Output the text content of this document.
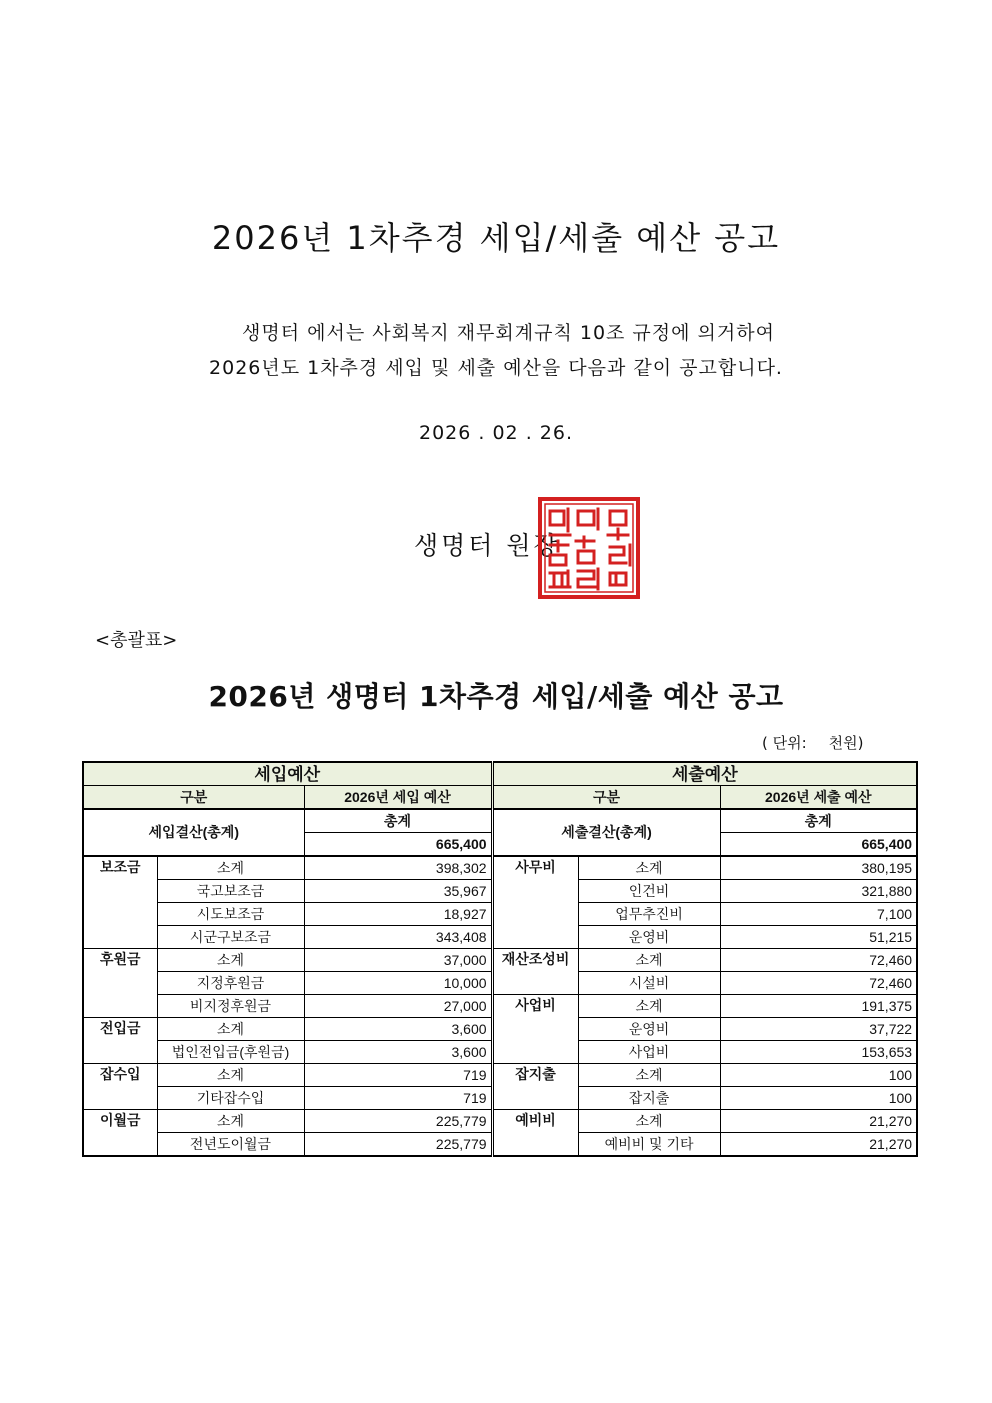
2026년 1차추경 세입/세출 예산 공고
생명터 에서는 사회복지 재무회계규칙 10조 규정에 의거하여
2026년도 1차추경 세입 및 세출 예산을 다음과 같이 공고합니다.
2026 . 02 . 26.
생명터 원장
<총괄표>
2026년 생명터 1차추경 세입/세출 예산 공고
( 단위: 천원)
세입예산			세출예산		
구분		2026년 세입 예산	구분		2026년 세출 예산
세입결산(총계)		총계	세출결산(총계)		총계
		665,400			665,400
보조금	소계	398,302	사무비	소계	380,195
	국고보조금	35,967		인건비	321,880
	시도보조금	18,927		업무추진비	7,100
	시군구보조금	343,408		운영비	51,215
후원금	소계	37,000	재산조성비	소계	72,460
	지정후원금	10,000		시설비	72,460
	비지정후원금	27,000	사업비	소계	191,375
전입금	소계	3,600		운영비	37,722
	법인전입금(후원금)	3,600		사업비	153,653
잡수입	소계	719	잡지출	소계	100
	기타잡수입	719		잡지출	100
이월금	소계	225,779	예비비	소계	21,270
	전년도이월금	225,779		예비비 및 기타	21,270
